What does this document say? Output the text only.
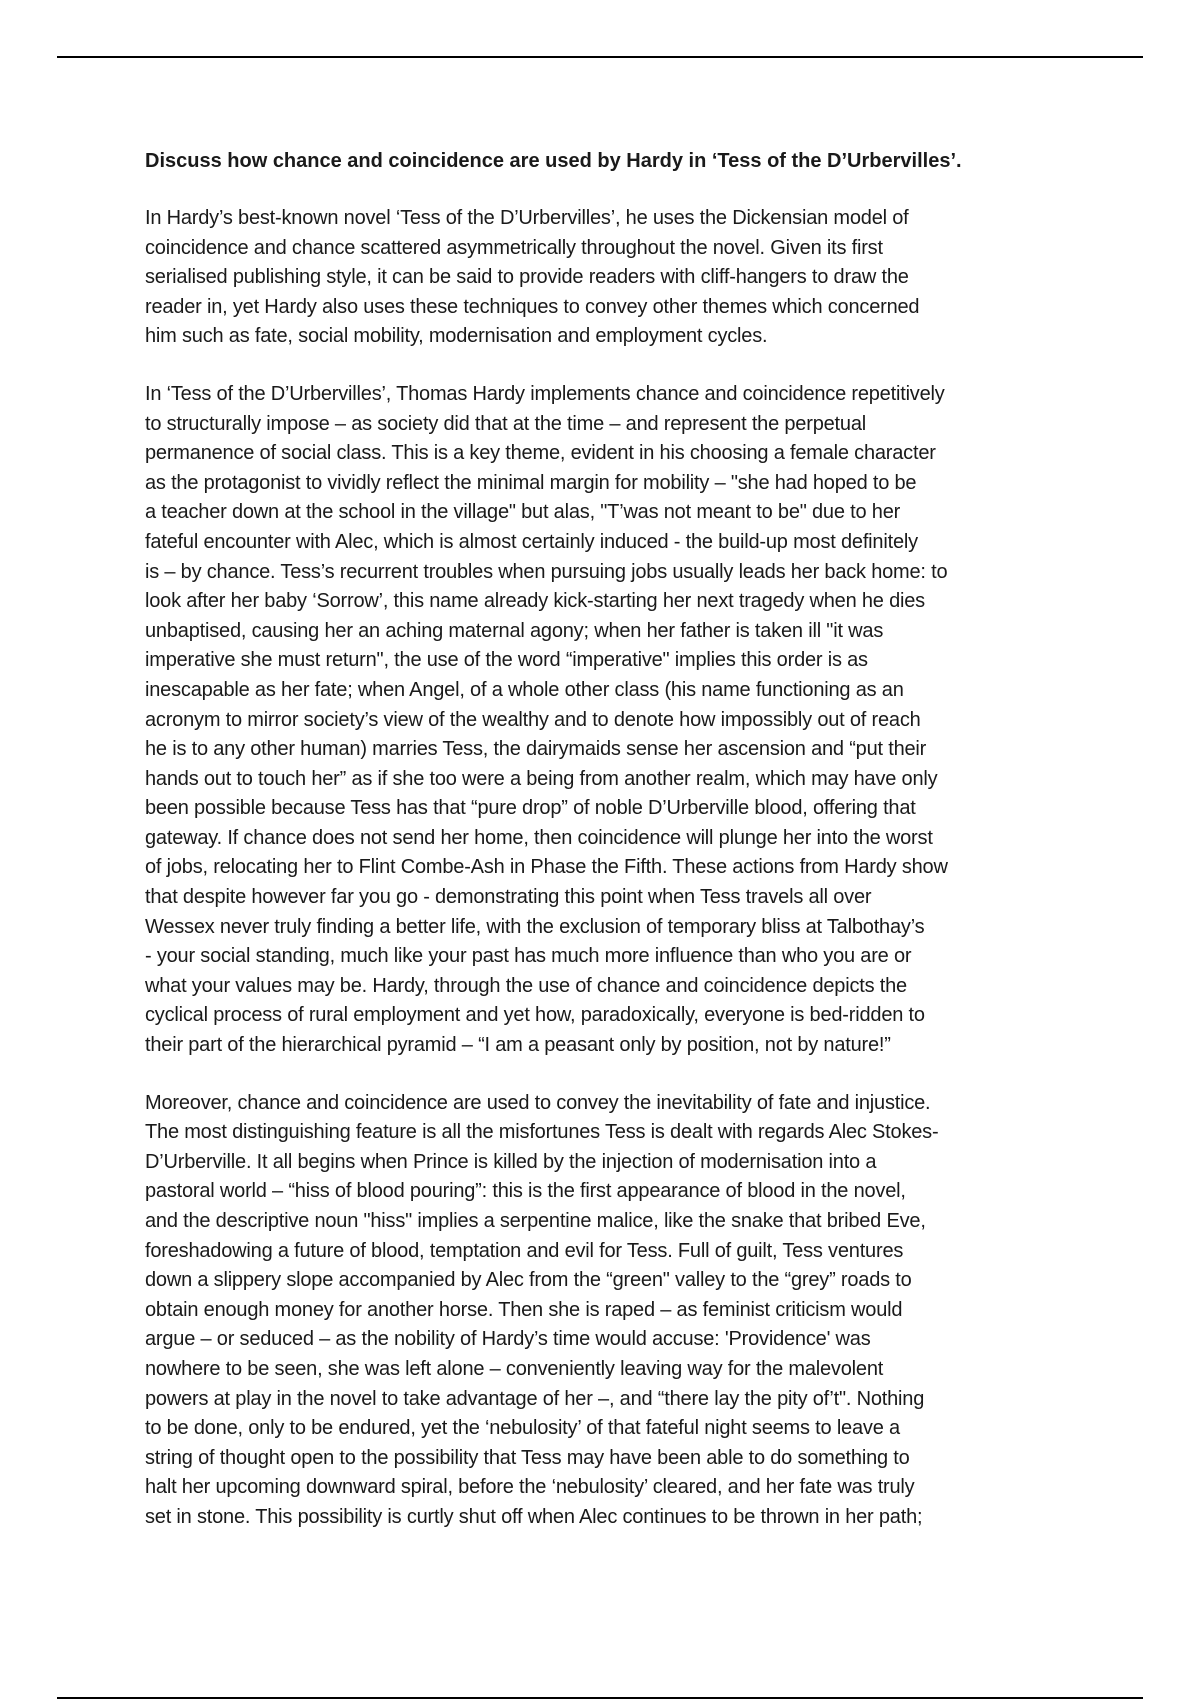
Discuss how chance and coincidence are used by Hardy in ‘Tess of the D’Urbervilles’.
In Hardy’s best-known novel ‘Tess of the D’Urbervilles’, he uses the Dickensian model of
coincidence and chance scattered asymmetrically throughout the novel. Given its first
serialised publishing style, it can be said to provide readers with cliff-hangers to draw the
reader in, yet Hardy also uses these techniques to convey other themes which concerned
him such as fate, social mobility, modernisation and employment cycles.
In ‘Tess of the D’Urbervilles’, Thomas Hardy implements chance and coincidence repetitively
to structurally impose – as society did that at the time – and represent the perpetual
permanence of social class. This is a key theme, evident in his choosing a female character
as the protagonist to vividly reflect the minimal margin for mobility – "she had hoped to be
a teacher down at the school in the village" but alas, "T’was not meant to be" due to her
fateful encounter with Alec, which is almost certainly induced - the build-up most definitely
is – by chance. Tess’s recurrent troubles when pursuing jobs usually leads her back home: to
look after her baby ‘Sorrow’, this name already kick-starting her next tragedy when he dies
unbaptised, causing her an aching maternal agony; when her father is taken ill "it was
imperative she must return", the use of the word “imperative" implies this order is as
inescapable as her fate; when Angel, of a whole other class (his name functioning as an
acronym to mirror society’s view of the wealthy and to denote how impossibly out of reach
he is to any other human) marries Tess, the dairymaids sense her ascension and “put their
hands out to touch her” as if she too were a being from another realm, which may have only
been possible because Tess has that “pure drop” of noble D’Urberville blood, offering that
gateway. If chance does not send her home, then coincidence will plunge her into the worst
of jobs, relocating her to Flint Combe-Ash in Phase the Fifth. These actions from Hardy show
that despite however far you go - demonstrating this point when Tess travels all over
Wessex never truly finding a better life, with the exclusion of temporary bliss at Talbothay’s
- your social standing, much like your past has much more influence than who you are or
what your values may be. Hardy, through the use of chance and coincidence depicts the
cyclical process of rural employment and yet how, paradoxically, everyone is bed-ridden to
their part of the hierarchical pyramid – “I am a peasant only by position, not by nature!”
Moreover, chance and coincidence are used to convey the inevitability of fate and injustice.
The most distinguishing feature is all the misfortunes Tess is dealt with regards Alec Stokes-
D’Urberville. It all begins when Prince is killed by the injection of modernisation into a
pastoral world – “hiss of blood pouring”: this is the first appearance of blood in the novel,
and the descriptive noun "hiss" implies a serpentine malice, like the snake that bribed Eve,
foreshadowing a future of blood, temptation and evil for Tess. Full of guilt, Tess ventures
down a slippery slope accompanied by Alec from the “green" valley to the “grey” roads to
obtain enough money for another horse. Then she is raped – as feminist criticism would
argue – or seduced – as the nobility of Hardy’s time would accuse: 'Providence' was
nowhere to be seen, she was left alone – conveniently leaving way for the malevolent
powers at play in the novel to take advantage of her –, and “there lay the pity of’t". Nothing
to be done, only to be endured, yet the ‘nebulosity’ of that fateful night seems to leave a
string of thought open to the possibility that Tess may have been able to do something to
halt her upcoming downward spiral, before the ‘nebulosity’ cleared, and her fate was truly
set in stone. This possibility is curtly shut off when Alec continues to be thrown in her path;
